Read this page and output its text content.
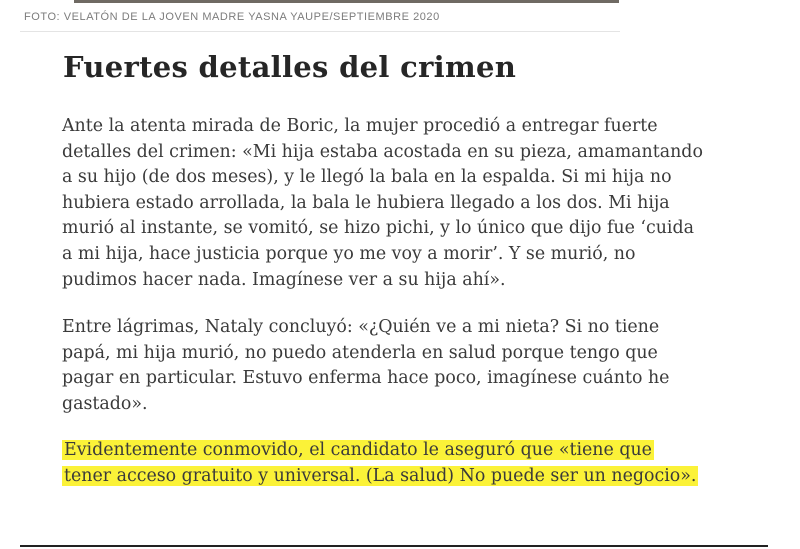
FOTO: VELATÓN DE LA JOVEN MADRE YASNA YAUPE/SEPTIEMBRE 2020
Fuertes detalles del crimen

Ante la atenta mirada de Boric, la mujer procedió a entregar fuerte
detalles del crimen: «Mi hija estaba acostada en su pieza, amamantando
a su hijo (de dos meses), y le llegó la bala en la espalda. Si mi hija no
hubiera estado arrollada, la bala le hubiera llegado a los dos. Mi hija
murió al instante, se vomitó, se hizo pichi, y lo único que dijo fue ‘cuida
a mi hija, hace justicia porque yo me voy a morir’. Y se murió, no
pudimos hacer nada. Imagínese ver a su hija ahí».

Entre lágrimas, Nataly concluyó: «¿Quién ve a mi nieta? Si no tiene
papá, mi hija murió, no puedo atenderla en salud porque tengo que
pagar en particular. Estuvo enferma hace poco, imagínese cuánto he
gastado».

Evidentemente conmovido, el candidato le aseguró que «tiene que
tener acceso gratuito y universal. (La salud) No puede ser un negocio».
